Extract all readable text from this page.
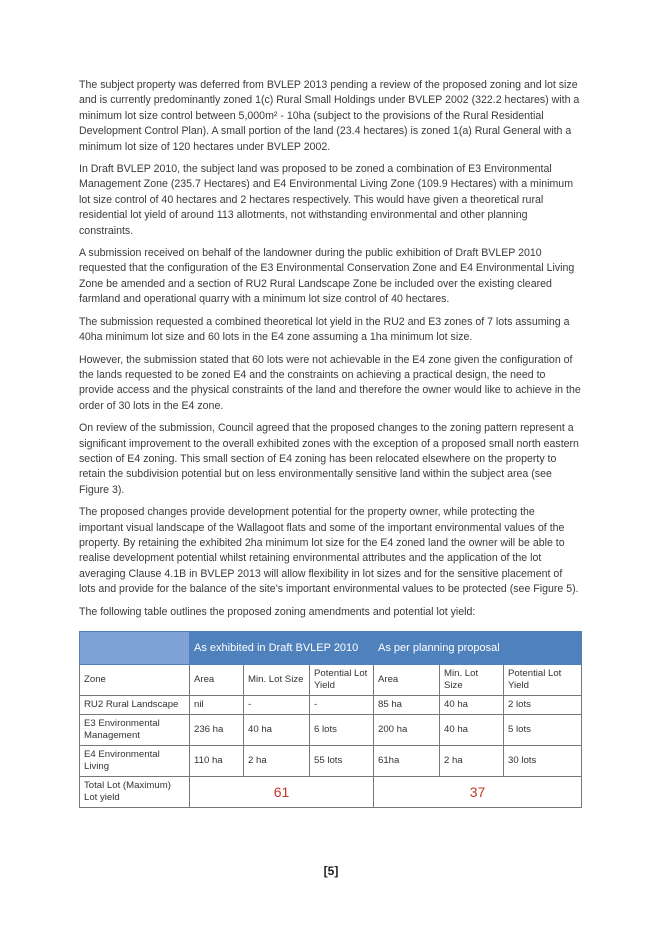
The subject property was deferred from BVLEP 2013 pending a review of the proposed zoning and lot size and is currently predominantly zoned 1(c) Rural Small Holdings under BVLEP 2002 (322.2 hectares) with a minimum lot size control between 5,000m² - 10ha (subject to the provisions of the Rural Residential Development Control Plan). A small portion of the land (23.4 hectares) is zoned 1(a) Rural General with a minimum lot size of 120 hectares under BVLEP 2002.

In Draft BVLEP 2010, the subject land was proposed to be zoned a combination of E3 Environmental Management Zone (235.7 Hectares) and E4 Environmental Living Zone (109.9 Hectares) with a minimum lot size control of 40 hectares and 2 hectares respectively. This would have given a theoretical rural residential lot yield of around 113 allotments, not withstanding environmental and other planning constraints.

A submission received on behalf of the landowner during the public exhibition of Draft BVLEP 2010 requested that the configuration of the E3 Environmental Conservation Zone and E4 Environmental Living Zone be amended and a section of RU2 Rural Landscape Zone be included over the existing cleared farmland and operational quarry with a minimum lot size control of 40 hectares.

The submission requested a combined theoretical lot yield in the RU2 and E3 zones of 7 lots assuming a 40ha minimum lot size and 60 lots in the E4 zone assuming a 1ha minimum lot size.

However, the submission stated that 60 lots were not achievable in the E4 zone given the configuration of the lands requested to be zoned E4 and the constraints on achieving a practical design, the need to provide access and the physical constraints of the land and therefore the owner would like to achieve in the order of 30 lots in the E4 zone.

On review of the submission, Council agreed that the proposed changes to the zoning pattern represent a significant improvement to the overall exhibited zones with the exception of a proposed small north eastern section of E4 zoning. This small section of E4 zoning has been relocated elsewhere on the property to retain the subdivision potential but on less environmentally sensitive land within the subject area (see Figure 3).

The proposed changes provide development potential for the property owner, while protecting the important visual landscape of the Wallagoot flats and some of the important environmental values of the property. By retaining the exhibited 2ha minimum lot size for the E4 zoned land the owner will be able to realise development potential whilst retaining environmental attributes and the application of the lot averaging Clause 4.1B in BVLEP 2013 will allow flexibility in lot sizes and for the sensitive placement of lots and provide for the balance of the site's important environmental values to be protected (see Figure 5).

The following table outlines the proposed zoning amendments and potential lot yield:

	As exhibited in Draft BVLEP 2010			As per planning proposal		
Zone	Area	Min. Lot Size	Potential Lot Yield	Area	Min. Lot Size	Potential Lot Yield
RU2 Rural Landscape	nil	-	-	85 ha	40 ha	2 lots
E3 Environmental Management	236 ha	40 ha	6 lots	200 ha	40 ha	5 lots
E4 Environmental Living	110 ha	2 ha	55 lots	61ha	2 ha	30 lots
Total Lot (Maximum) Lot yield	61			37		
[5]
